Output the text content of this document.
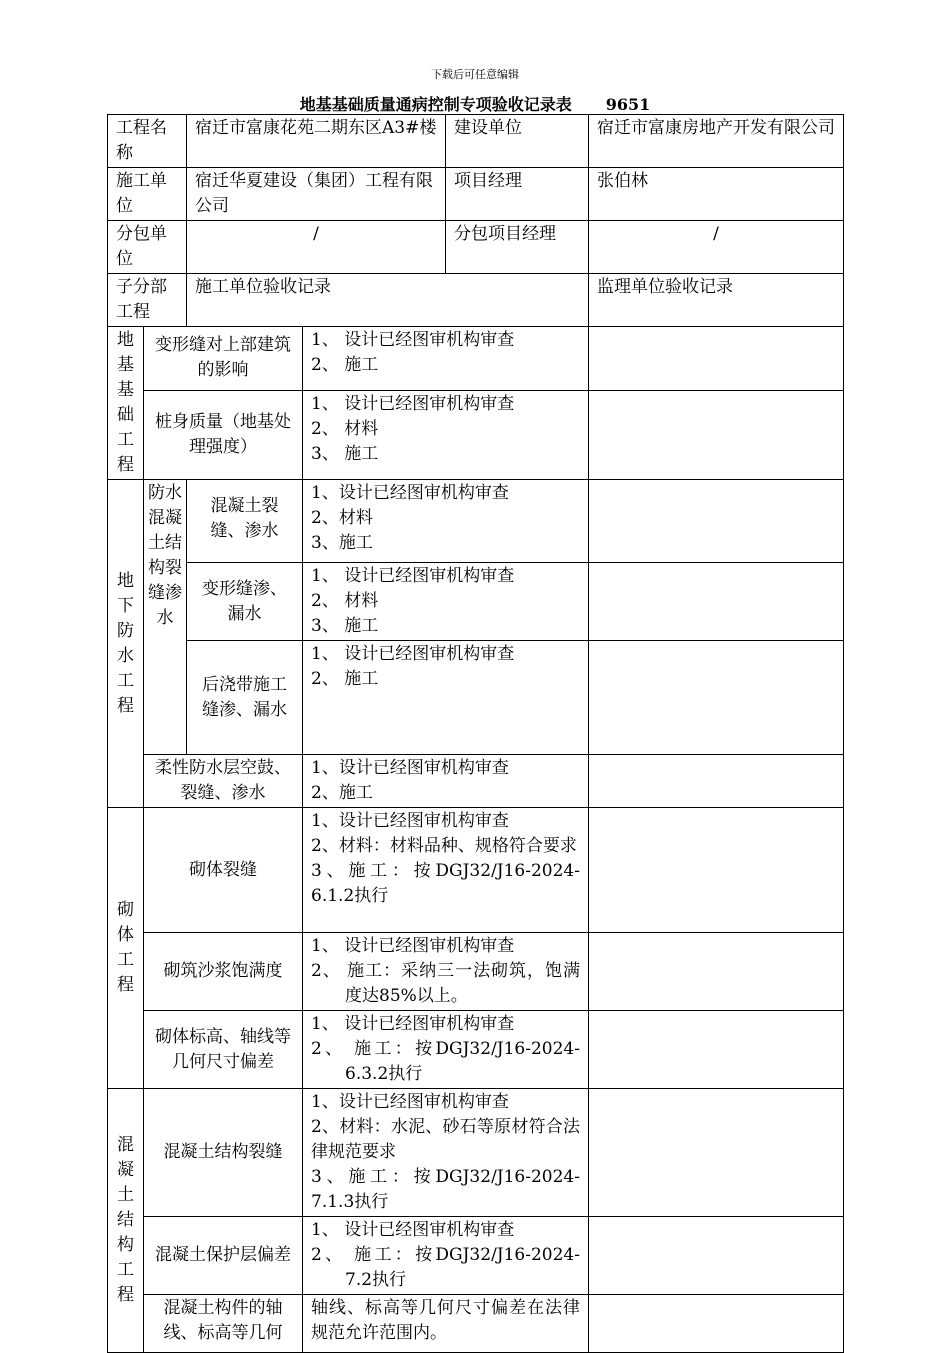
下载后可任意编辑
地基基础质量通病控制专项验收记录表 9651
工程名称		宿迁市富康花苑二期东区A3#楼		建设单位	宿迁市富康房地产开发有限公司
施工单位		宿迁华夏建设（集团）工程有限公司		项目经理	张伯林
分包单位		/		分包项目经理	/
子分部工程		施工单位验收记录			监理单位验收记录
地基基础工程	变形缝对上部建筑的影响		1、 设计已经图审机构审查
2、 施工		

	桩身质量（地基处理强度）		1、 设计已经图审机构审查
2、 材料
3、 施工		

地下防水工程	防水混凝土结构裂缝渗水	混凝土裂缝、渗水	1、设计已经图审机构审查
2、材料
3、施工		

		变形缝渗、漏水	1、 设计已经图审机构审查
2、 材料
3、 施工		

		后浇带施工缝渗、漏水	1、 设计已经图审机构审查
2、 施工		

	柔性防水层空鼓、裂缝、渗水		1、设计已经图审机构审查
2、施工		

砌体工程	砌体裂缝		1、设计已经图审机构审查
2、材料：材料品种、规格符合要求
3、施工：按DGJ32/J16-2024-6.1.2执行		

	砌筑沙浆饱满度		1、 设计已经图审机构审查
2、 施工：采纳三一法砌筑，饱满度达85%以上。		

	砌体标高、轴线等几何尺寸偏差		1、 设计已经图审机构审查
2、 施工：按DGJ32/J16-2024-6.3.2执行		

混凝土结构工程	混凝土结构裂缝		1、设计已经图审机构审查
2、材料：水泥、砂石等原材符合法律规范要求
3、施工：按DGJ32/J16-2024-7.1.3执行		

	混凝土保护层偏差		1、 设计已经图审机构审查
2、 施工：按DGJ32/J16-2024-7.2执行		

	混凝土构件的轴线、标高等几何		轴线、标高等几何尺寸偏差在法律规范允许范围内。		
